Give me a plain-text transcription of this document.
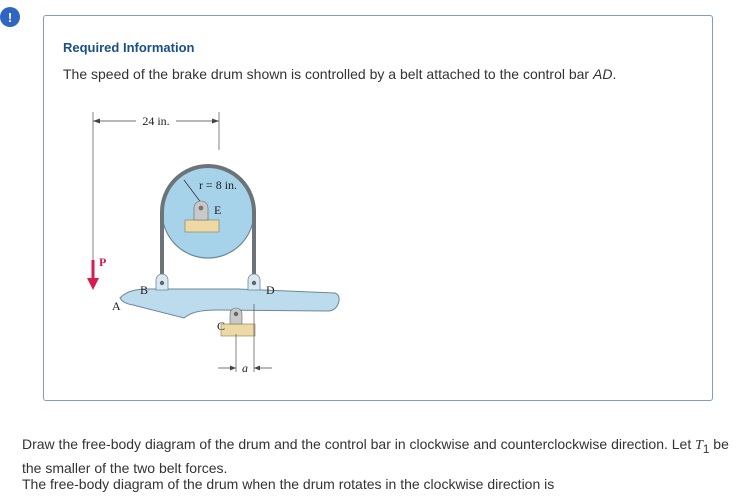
!
Required Information
The speed of the brake drum shown is controlled by a belt attached to the control bar AD.
24 in.
r = 8 in.
E
B	D
A
P
C
a
Draw the free-body diagram of the drum and the control bar in clockwise and counterclockwise direction. Let $T_1$ be the smaller of the two belt forces.
The free-body diagram of the drum when the drum rotates in the clockwise direction is
